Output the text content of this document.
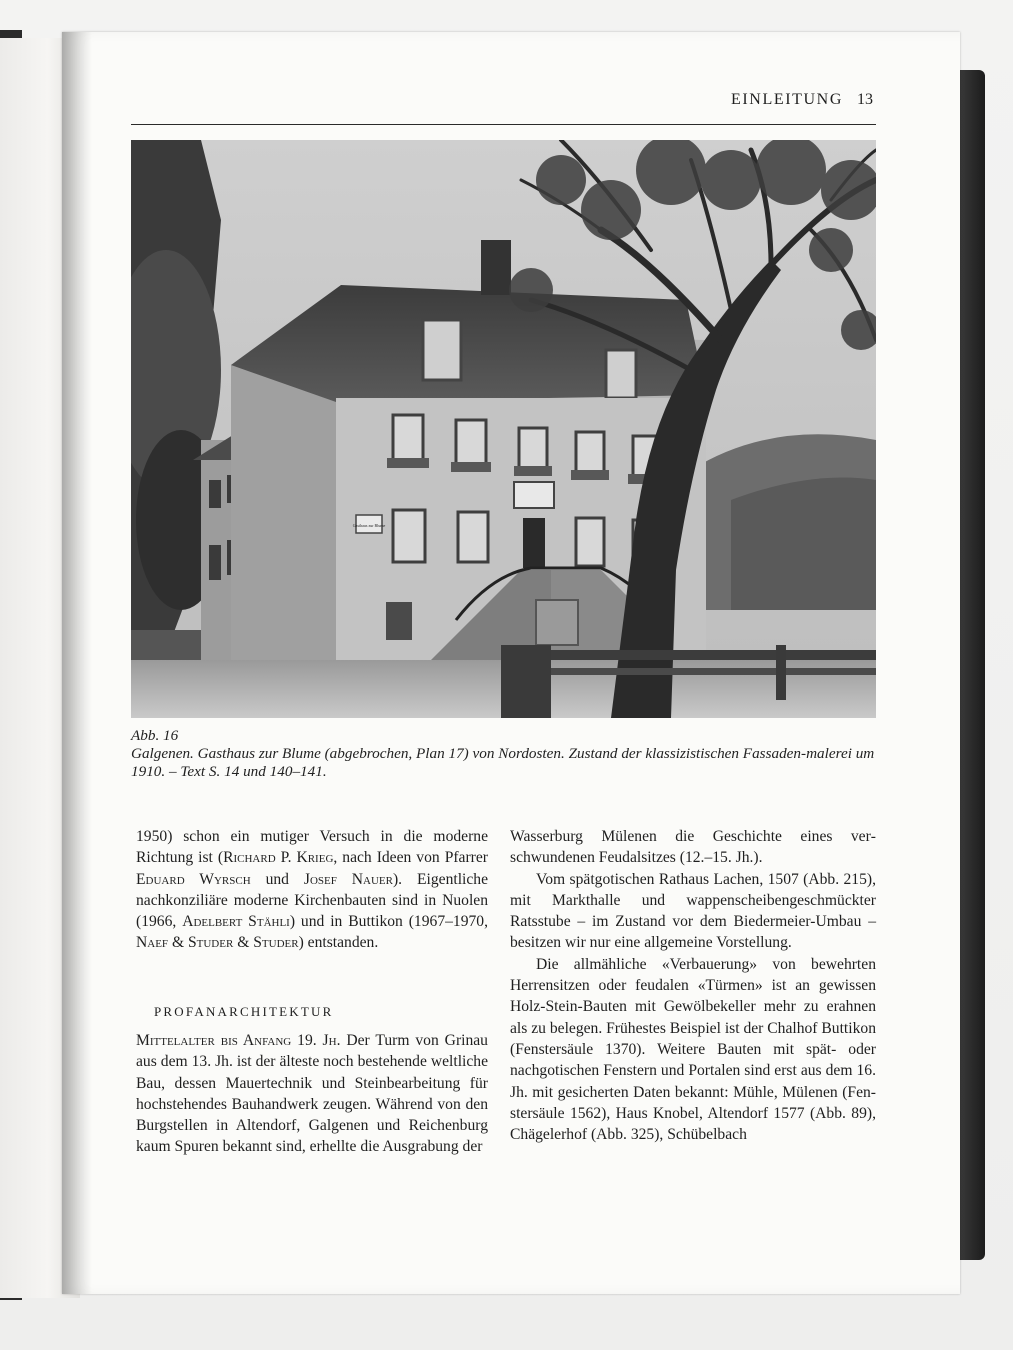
EINLEITUNG 13
Gasthaus zur Blume
Abb. 16
Galgenen. Gasthaus zur Blume (abgebrochen, Plan 17) von Nordosten. Zustand der klassizistischen Fassaden-malerei um 1910. – Text S. 14 und 140–141.

1950) schon ein mutiger Versuch in die moderne Richtung ist (Richard P. Krieg, nach Ideen von Pfarrer Eduard Wyrsch und Josef Nauer). Eigentliche nachkonziliäre moderne Kirchenbauten sind in Nuolen (1966, Adelbert Stähli) und in Buttikon (1967–1970, Naef & Studer & Studer) entstanden.

PROFANARCHITEKTUR

Mittelalter bis Anfang 19. Jh. Der Turm von Grinau aus dem 13. Jh. ist der älteste noch bestehende weltliche Bau, dessen Mauertechnik und Steinbearbeitung für hochstehendes Bauhandwerk zeugen. Während von den Burgstellen in Altendorf, Galgenen und Reichenburg kaum Spuren bekannt sind, erhellte die Ausgrabung der

Wasserburg Mülenen die Geschichte eines verschwundenen Feudalsitzes (12.–15. Jh.).

Vom spätgotischen Rathaus Lachen, 1507 (Abb. 215), mit Markthalle und wappenscheibengeschmückter Ratsstube – im Zustand vor dem Biedermeier-Umbau – besitzen wir nur eine allgemeine Vorstellung.

Die allmähliche «Verbauerung» von bewehrten Herrensitzen oder feudalen «Türmen» ist an gewissen Holz-Stein-Bauten mit Gewölbekeller mehr zu erahnen als zu belegen. Frühestes Beispiel ist der Chalhof Buttikon (Fenstersäule 1370). Weitere Bauten mit spät- oder nachgotischen Fenstern und Portalen sind erst aus dem 16. Jh. mit gesicherten Daten bekannt: Mühle, Mülenen (Fenstersäule 1562), Haus Knobel, Altendorf 1577 (Abb. 89), Chägelerhof (Abb. 325), Schübelbach
